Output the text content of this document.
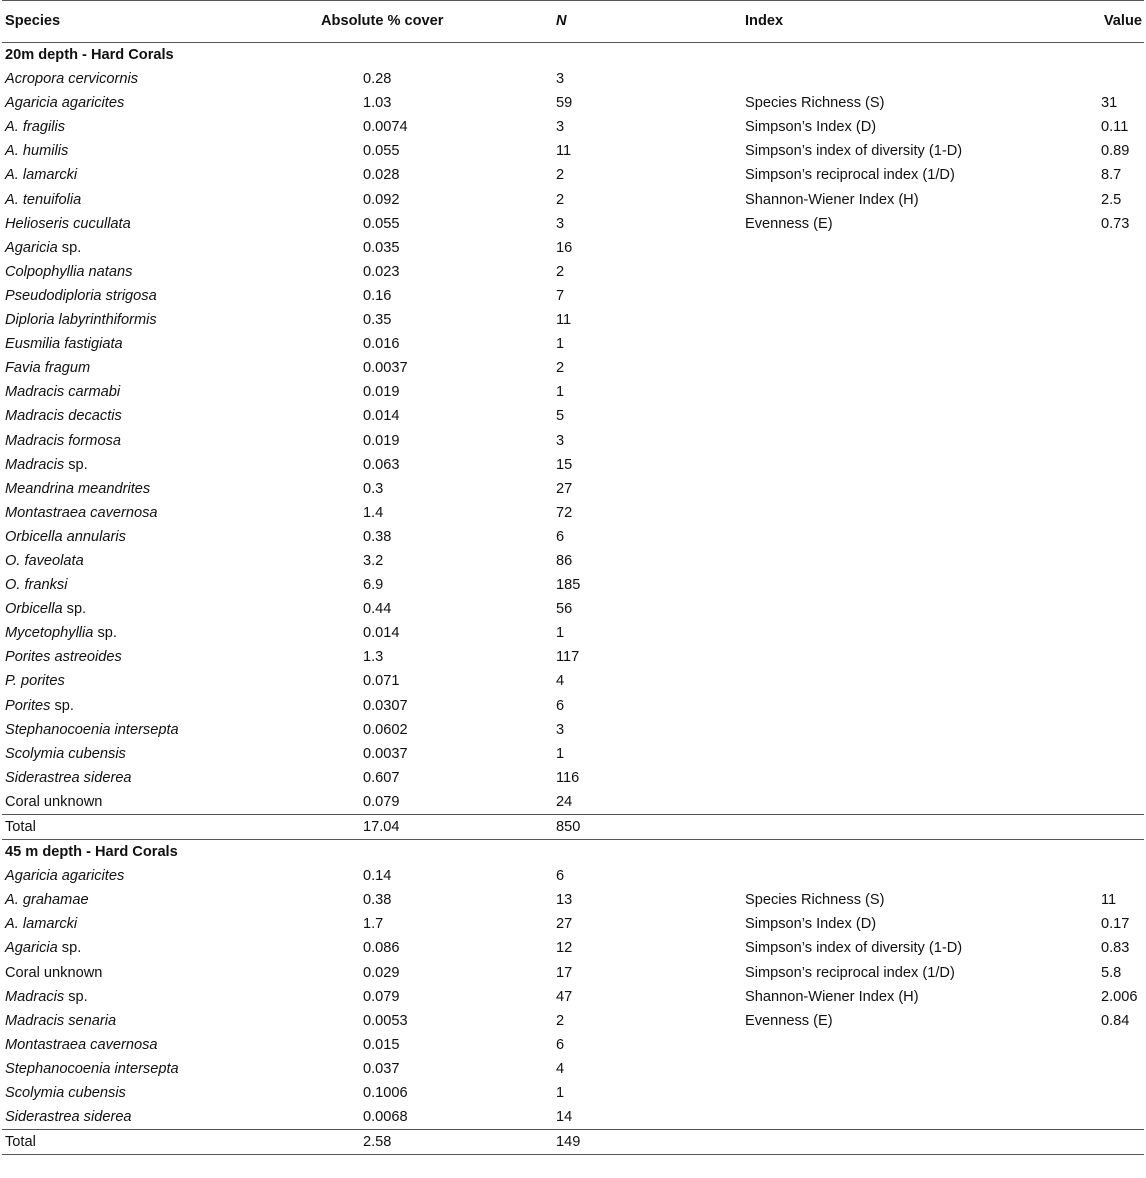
Species	Absolute % cover	N	Index	Value
20m depth - Hard Corals				
Acropora cervicornis	0.28	3		
Agaricia agaricites	1.03	59	Species Richness (S)	31
A. fragilis	0.0074	3	Simpson’s Index (D)	0.11
A. humilis	0.055	11	Simpson’s index of diversity (1-D)	0.89
A. lamarcki	0.028	2	Simpson’s reciprocal index (1/D)	8.7
A. tenuifolia	0.092	2	Shannon-Wiener Index (H)	2.5
Helioseris cucullata	0.055	3	Evenness (E)	0.73
Agaricia sp.	0.035	16		
Colpophyllia natans	0.023	2		
Pseudodiploria strigosa	0.16	7		
Diploria labyrinthiformis	0.35	11		
Eusmilia fastigiata	0.016	1		
Favia fragum	0.0037	2		
Madracis carmabi	0.019	1		
Madracis decactis	0.014	5		
Madracis formosa	0.019	3		
Madracis sp.	0.063	15		
Meandrina meandrites	0.3	27		
Montastraea cavernosa	1.4	72		
Orbicella annularis	0.38	6		
O. faveolata	3.2	86		
O. franksi	6.9	185		
Orbicella sp.	0.44	56		
Mycetophyllia sp.	0.014	1		
Porites astreoides	1.3	117		
P. porites	0.071	4		
Porites sp.	0.0307	6		
Stephanocoenia intersepta	0.0602	3		
Scolymia cubensis	0.0037	1		
Siderastrea siderea	0.607	116		
Coral unknown	0.079	24		
Total	17.04	850		
45 m depth - Hard Corals				
Agaricia agaricites	0.14	6		
A. grahamae	0.38	13	Species Richness (S)	11
A. lamarcki	1.7	27	Simpson’s Index (D)	0.17
Agaricia sp.	0.086	12	Simpson’s index of diversity (1-D)	0.83
Coral unknown	0.029	17	Simpson’s reciprocal index (1/D)	5.8
Madracis sp.	0.079	47	Shannon-Wiener Index (H)	2.006
Madracis senaria	0.0053	2	Evenness (E)	0.84
Montastraea cavernosa	0.015	6		
Stephanocoenia intersepta	0.037	4		
Scolymia cubensis	0.1006	1		
Siderastrea siderea	0.0068	14		
Total	2.58	149		
